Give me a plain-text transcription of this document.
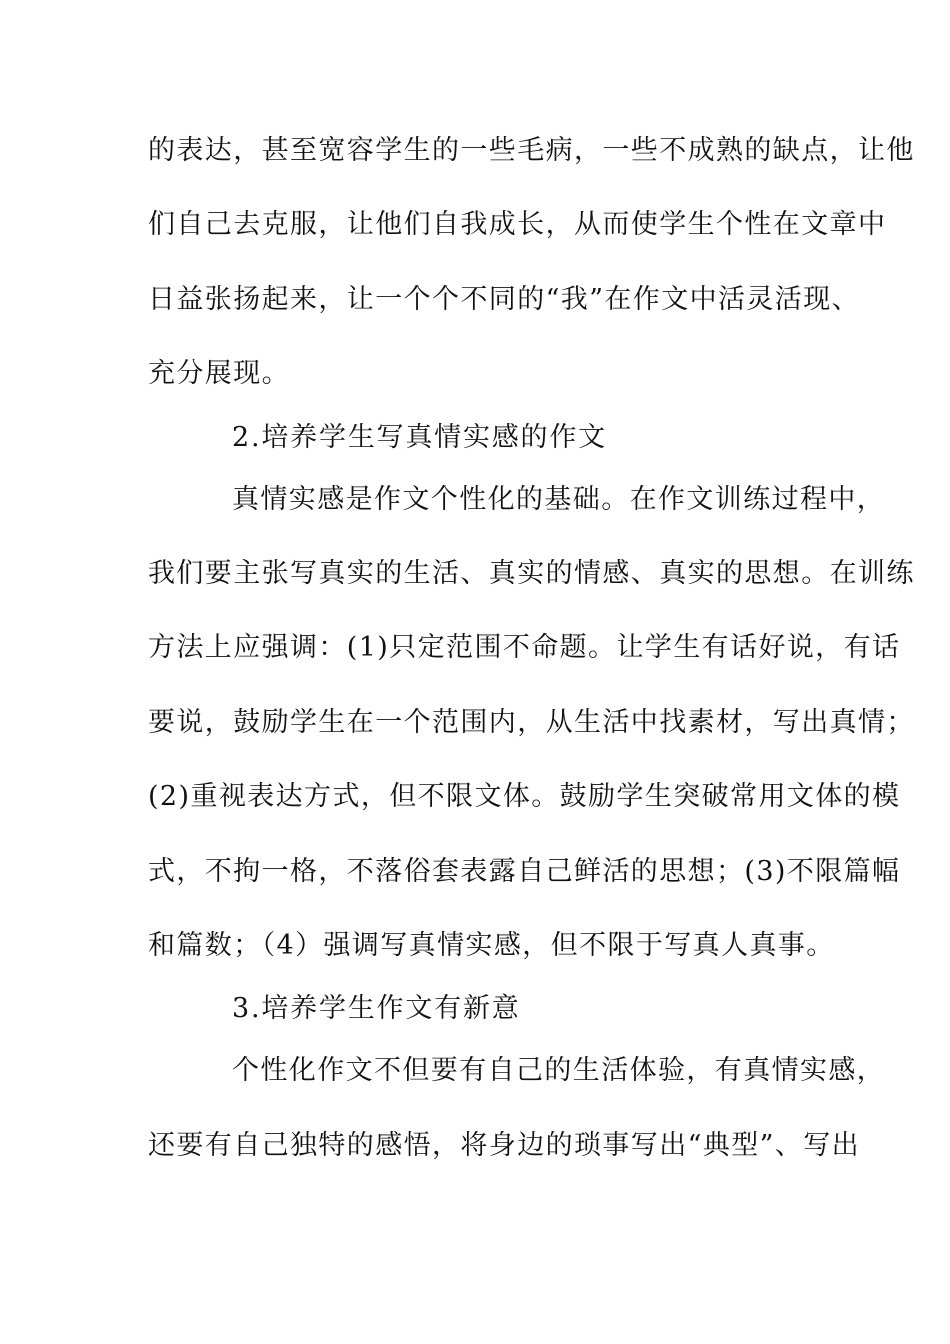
的表达，甚至宽容学生的一些毛病，一些不成熟的缺点，让他
们自己去克服，让他们自我成长，从而使学生个性在文章中
日益张扬起来，让一个个不同的“我”在作文中活灵活现、
充分展现。
2.培养学生写真情实感的作文
真情实感是作文个性化的基础。在作文训练过程中，
我们要主张写真实的生活、真实的情感、真实的思想。在训练
方法上应强调：(1)只定范围不命题。让学生有话好说，有话
要说，鼓励学生在一个范围内，从生活中找素材，写出真情；
(2)重视表达方式，但不限文体。鼓励学生突破常用文体的模
式，不拘一格，不落俗套表露自己鲜活的思想；(3)不限篇幅
和篇数；（4）强调写真情实感，但不限于写真人真事。
3.培养学生作文有新意
个性化作文不但要有自己的生活体验，有真情实感，
还要有自己独特的感悟，将身边的琐事写出“典型”、写出
